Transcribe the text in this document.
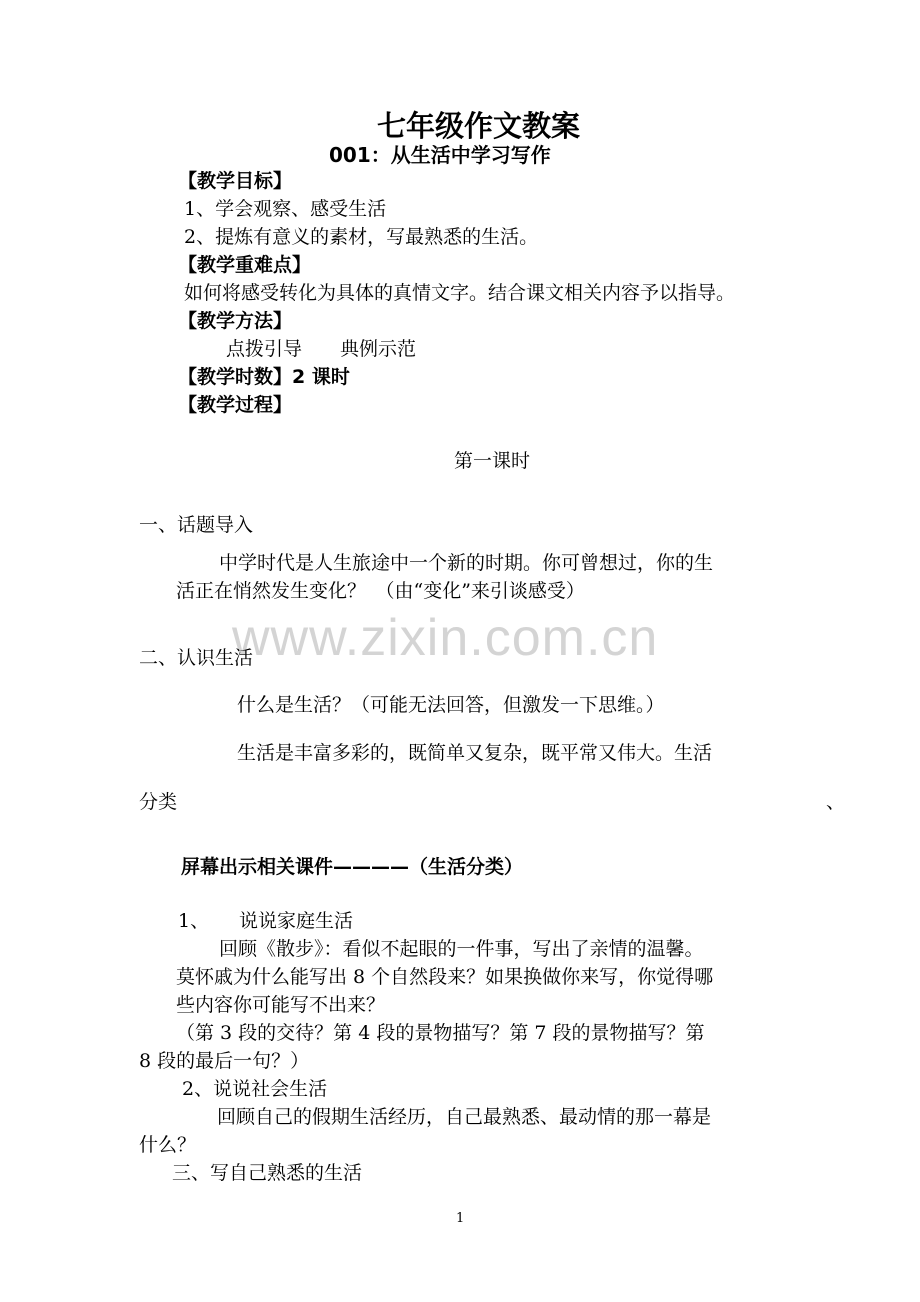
七年级作文教案
001：从生活中学习写作
【教学目标】
1、学会观察、感受生活
2、提炼有意义的素材，写最熟悉的生活。
【教学重难点】
如何将感受转化为具体的真情文字。结合课文相关内容予以指导。
【教学方法】
点拨引导　　典例示范
【教学时数】2 课时
【教学过程】
第一课时
一、话题导入
中学时代是人生旅途中一个新的时期。你可曾想过，你的生
活正在悄然发生变化？　（由“变化”来引谈感受）
www.zixin.com.cn
二、认识生活
什么是生活？（可能无法回答，但激发一下思维。）
生活是丰富多彩的，既简单又复杂，既平常又伟大。生活
分类	、
屏幕出示相关课件————（生活分类）
1、 说说家庭生活
回顾《散步》：看似不起眼的一件事，写出了亲情的温馨。
莫怀戚为什么能写出 8 个自然段来？如果换做你来写，你觉得哪
些内容你可能写不出来？
（第 3 段的交待？第 4 段的景物描写？第 7 段的景物描写？第
8 段的最后一句？）
2、说说社会生活
回顾自己的假期生活经历，自己最熟悉、最动情的那一幕是
什么？
三、写自己熟悉的生活
1
